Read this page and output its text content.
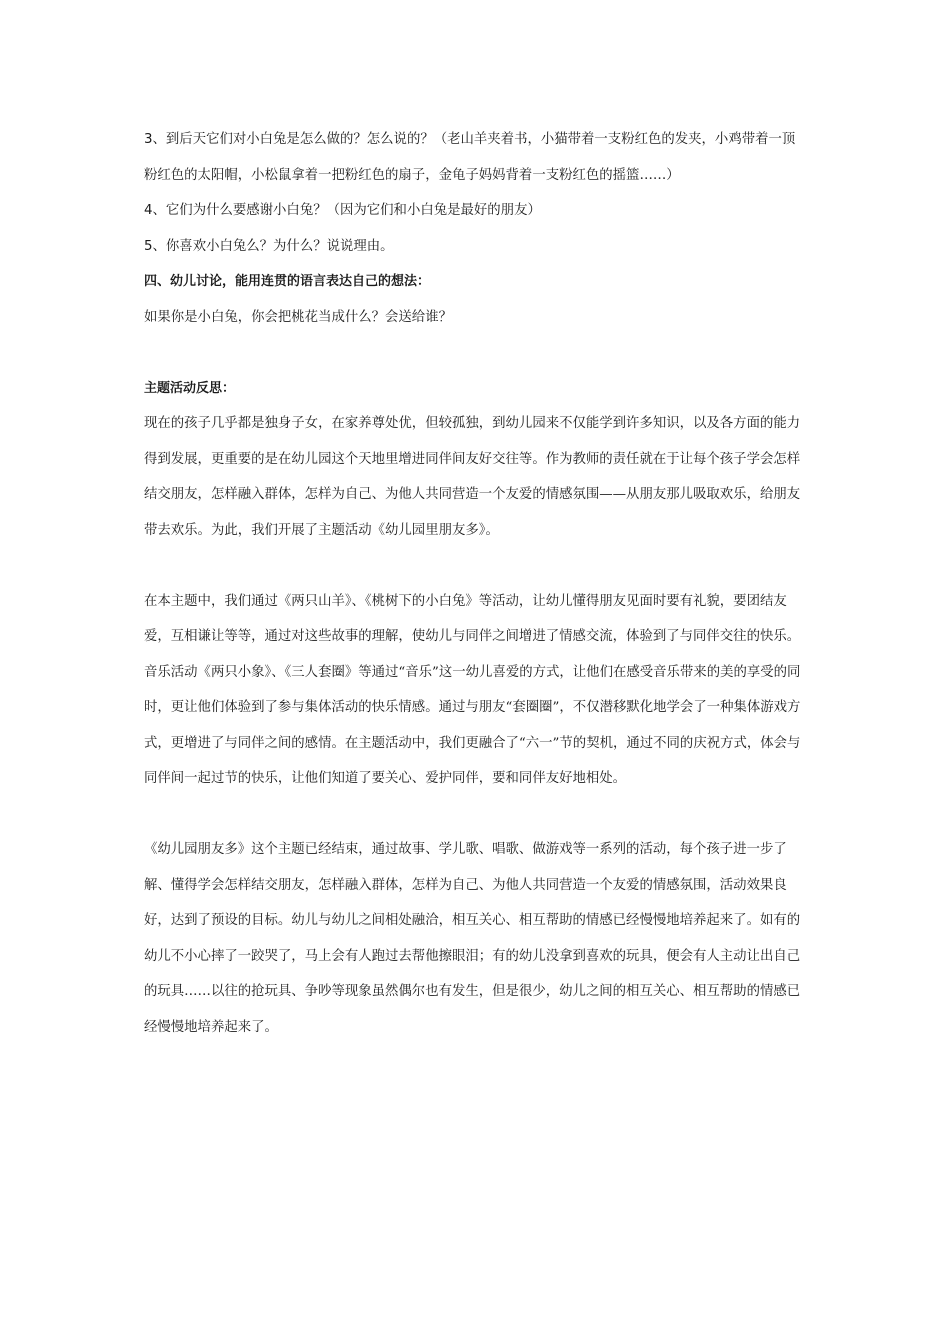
3、到后天它们对小白兔是怎么做的？怎么说的？（老山羊夹着书，小猫带着一支粉红色的发夹，小鸡带着一顶粉红色的太阳帽，小松鼠拿着一把粉红色的扇子，金龟子妈妈背着一支粉红色的摇篮……）

4、它们为什么要感谢小白兔？（因为它们和小白兔是最好的朋友）

5、你喜欢小白兔么？为什么？说说理由。

四、幼儿讨论，能用连贯的语言表达自己的想法：

如果你是小白兔，你会把桃花当成什么？会送给谁？

主题活动反思：

现在的孩子几乎都是独身子女，在家养尊处优，但较孤独，到幼儿园来不仅能学到许多知识，以及各方面的能力得到发展，更重要的是在幼儿园这个天地里增进同伴间友好交往等。作为教师的责任就在于让每个孩子学会怎样结交朋友，怎样融入群体，怎样为自己、为他人共同营造一个友爱的情感氛围——从朋友那儿吸取欢乐，给朋友带去欢乐。为此，我们开展了主题活动《幼儿园里朋友多》。

在本主题中，我们通过《两只山羊》、《桃树下的小白兔》等活动，让幼儿懂得朋友见面时要有礼貌，要团结友爱，互相谦让等等，通过对这些故事的理解，使幼儿与同伴之间增进了情感交流，体验到了与同伴交往的快乐。音乐活动《两只小象》、《三人套圈》等通过“音乐”这一幼儿喜爱的方式，让他们在感受音乐带来的美的享受的同时，更让他们体验到了参与集体活动的快乐情感。通过与朋友“套圈圈”，不仅潜移默化地学会了一种集体游戏方式，更增进了与同伴之间的感情。在主题活动中，我们更融合了“六一”节的契机，通过不同的庆祝方式，体会与同伴间一起过节的快乐，让他们知道了要关心、爱护同伴，要和同伴友好地相处。

《幼儿园朋友多》这个主题已经结束，通过故事、学儿歌、唱歌、做游戏等一系列的活动，每个孩子进一步了解、懂得学会怎样结交朋友，怎样融入群体，怎样为自己、为他人共同营造一个友爱的情感氛围，活动效果良好，达到了预设的目标。幼儿与幼儿之间相处融洽，相互关心、相互帮助的情感已经慢慢地培养起来了。如有的幼儿不小心摔了一跤哭了，马上会有人跑过去帮他擦眼泪；有的幼儿没拿到喜欢的玩具，便会有人主动让出自己的玩具……以往的抢玩具、争吵等现象虽然偶尔也有发生，但是很少，幼儿之间的相互关心、相互帮助的情感已经慢慢地培养起来了。
